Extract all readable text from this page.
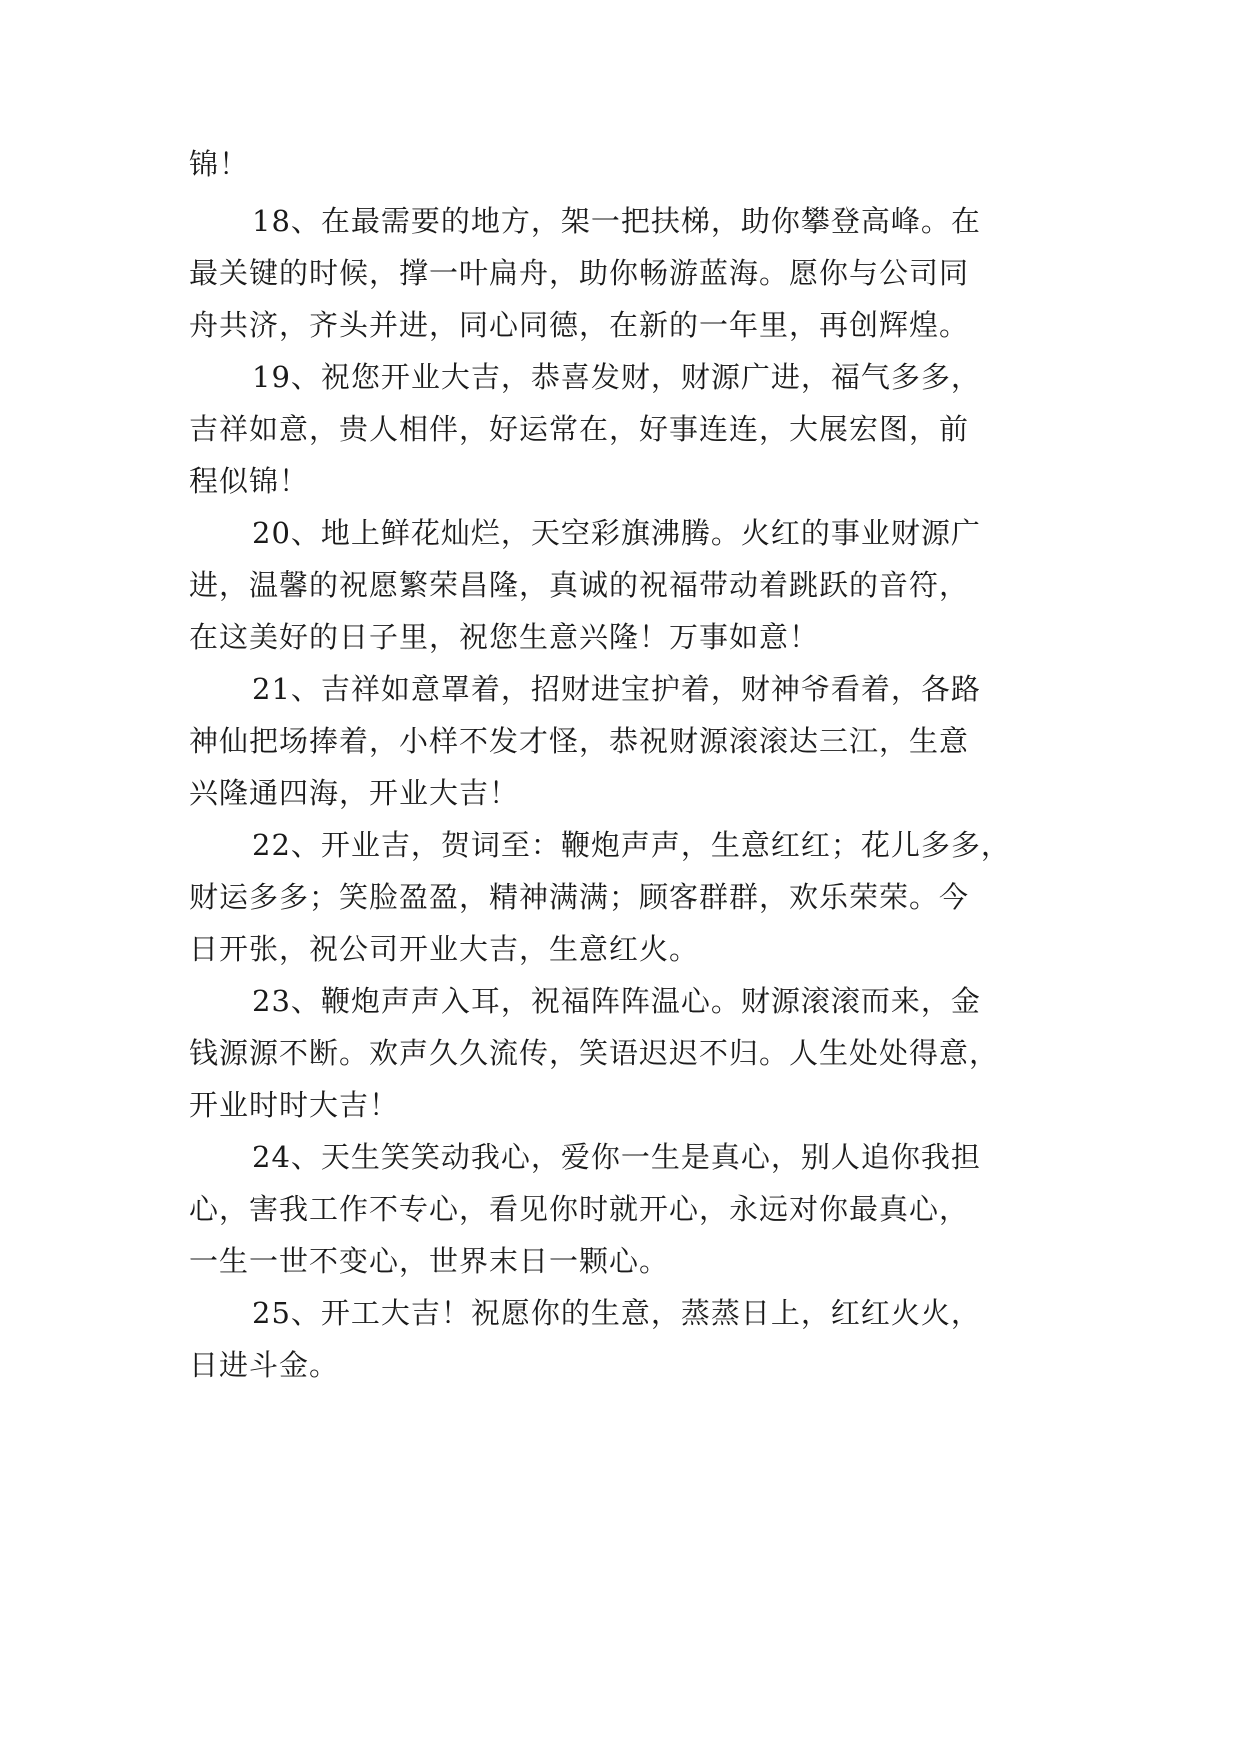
锦！

18、在最需要的地方，架一把扶梯，助你攀登高峰。在

最关键的时候，撑一叶扁舟，助你畅游蓝海。愿你与公司同

舟共济，齐头并进，同心同德，在新的一年里，再创辉煌。

19、祝您开业大吉，恭喜发财，财源广进，福气多多，

吉祥如意，贵人相伴，好运常在，好事连连，大展宏图，前

程似锦！

20、地上鲜花灿烂，天空彩旗沸腾。火红的事业财源广

进，温馨的祝愿繁荣昌隆，真诚的祝福带动着跳跃的音符，

在这美好的日子里，祝您生意兴隆！万事如意！

21、吉祥如意罩着，招财进宝护着，财神爷看着，各路

神仙把场捧着，小样不发才怪，恭祝财源滚滚达三江，生意

兴隆通四海，开业大吉！

22、开业吉，贺词至：鞭炮声声，生意红红；花儿多多，

财运多多；笑脸盈盈，精神满满；顾客群群，欢乐荣荣。今

日开张，祝公司开业大吉，生意红火。

23、鞭炮声声入耳，祝福阵阵温心。财源滚滚而来，金

钱源源不断。欢声久久流传，笑语迟迟不归。人生处处得意，

开业时时大吉！

24、天生笑笑动我心，爱你一生是真心，别人追你我担

心，害我工作不专心，看见你时就开心，永远对你最真心，

一生一世不变心，世界末日一颗心。

25、开工大吉！祝愿你的生意，蒸蒸日上，红红火火，

日进斗金。
